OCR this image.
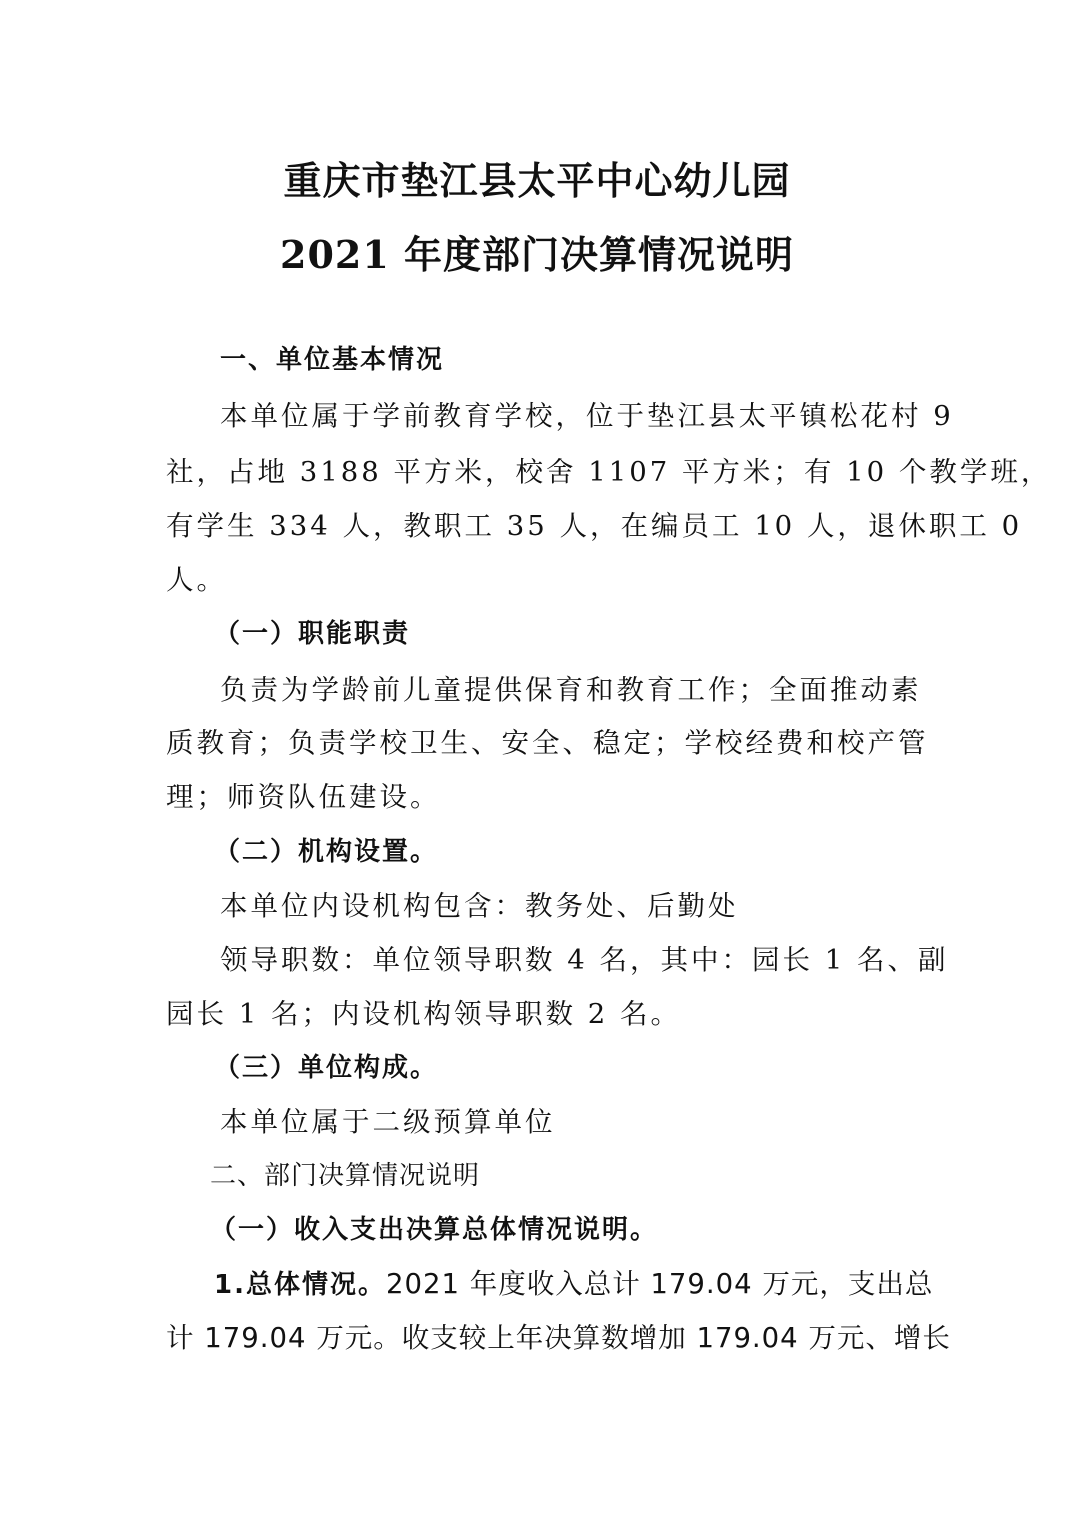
重庆市垫江县太平中心幼儿园
2021 年度部门决算情况说明

一、单位基本情况

本单位属于学前教育学校，位于垫江县太平镇松花村 9

社，占地 3188 平方米，校舍 1107 平方米；有 10 个教学班，

有学生 334 人，教职工 35 人，在编员工 10 人，退休职工 0

人。

（一）职能职责

负责为学龄前儿童提供保育和教育工作；全面推动素

质教育；负责学校卫生、安全、稳定；学校经费和校产管

理；师资队伍建设。

（二）机构设置。

本单位内设机构包含：教务处、后勤处

领导职数：单位领导职数 4 名，其中：园长 1 名、副

园长 1 名；内设机构领导职数 2 名。

（三）单位构成。

本单位属于二级预算单位

二、部门决算情况说明

（一）收入支出决算总体情况说明。

1.总体情况。2021 年度收入总计 179.04 万元，支出总

计 179.04 万元。收支较上年决算数增加 179.04 万元、增长
